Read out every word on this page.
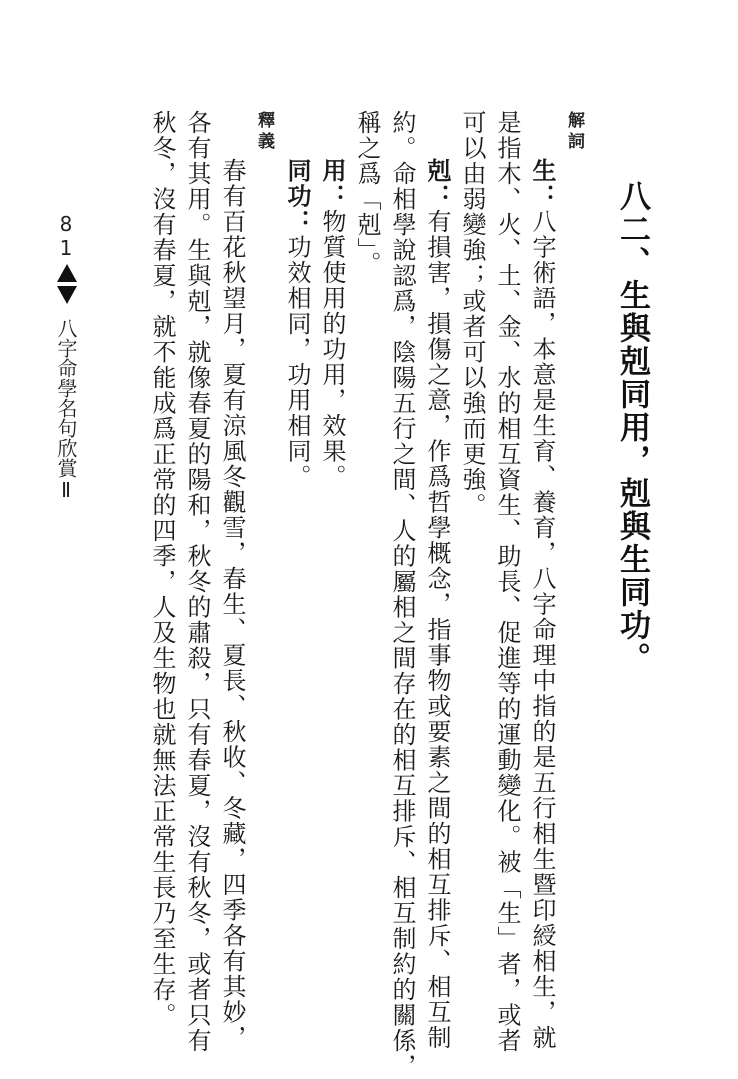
八二、生與剋同用，剋與生同功。
解詞
生：八字術語，本意是生育、養育，八字命理中指的是五行相生暨印綬相生，就
是指木、火、土、金、水的相互資生、助長、促進等的運動變化。被「生」者，或者
可以由弱變強；或者可以強而更強。
剋：有損害，損傷之意，作爲哲學概念，指事物或要素之間的相互排斥、相互制
約。命相學說認爲，陰陽五行之間、人的屬相之間存在的相互排斥、相互制約的關係，
稱之爲「剋」。
用：物質使用的功用，效果。
同功：功效相同，功用相同。
釋義
春有百花秋望月，夏有涼風冬觀雪，春生、夏長、秋收、冬藏，四季各有其妙，
各有其用。生與剋，就像春夏的陽和，秋冬的肅殺，只有春夏，沒有秋冬，或者只有
秋冬，沒有春夏，就不能成爲正常的四季，人及生物也就無法正常生長乃至生存。
81
八字命學名句欣賞Ⅱ
